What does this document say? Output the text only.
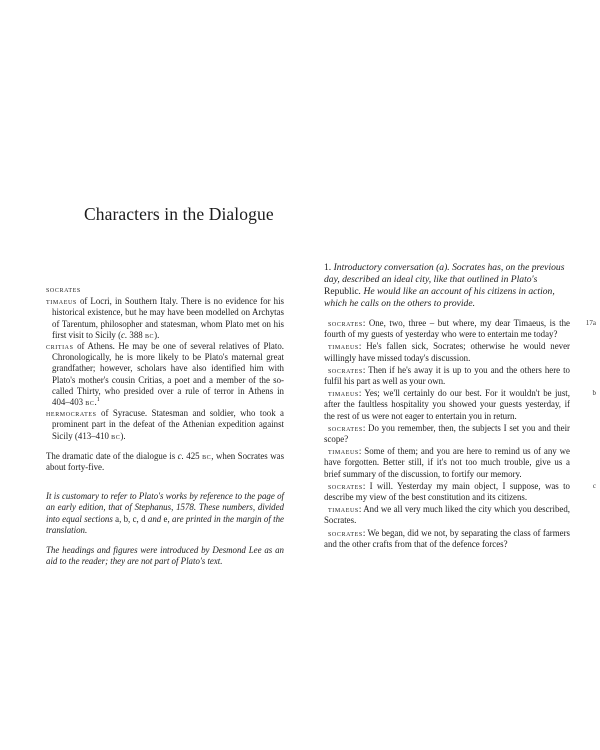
Characters in the Dialogue

socrates

timaeus of Locri, in Southern Italy. There is no evidence for his historical existence, but he may have been modelled on Archytas of Tarentum, philosopher and statesman, whom Plato met on his first visit to Sicily (c. 388 bc).

critias of Athens. He may be one of several relatives of Plato. Chronologically, he is more likely to be Plato's maternal great grandfather; however, scholars have also identified him with Plato's mother's cousin Critias, a poet and a member of the so-called Thirty, who presided over a rule of terror in Athens in 404–403 bc.$^1$

hermocrates of Syracuse. Statesman and soldier, who took a prominent part in the defeat of the Athenian expedition against Sicily (413–410 bc).

The dramatic date of the dialogue is c. 425 bc, when Socrates was about forty-five.

It is customary to refer to Plato's works by reference to the page of an early edition, that of Stephanus, 1578. These numbers, divided into equal sections a, b, c, d and e, are printed in the margin of the translation.

The headings and figures were introduced by Desmond Lee as an aid to the reader; they are not part of Plato's text.

1. Introductory conversation (a). Socrates has, on the previous day, described an ideal city, like that outlined in Plato's Republic. He would like an account of his citizens in action, which he calls on the others to provide.

socrates: One, two, three – but where, my dear Timaeus, is the fourth of my guests of yesterday who were to entertain me today?
17a

timaeus: He's fallen sick, Socrates; otherwise he would never willingly have missed today's discussion.

socrates: Then if he's away it is up to you and the others here to fulfil his part as well as your own.

timaeus: Yes; we'll certainly do our best. For it wouldn't be just, after the faultless hospitality you showed your guests yesterday, if the rest of us were not eager to entertain you in return.
b

socrates: Do you remember, then, the subjects I set you and their scope?

timaeus: Some of them; and you are here to remind us of any we have forgotten. Better still, if it's not too much trouble, give us a brief summary of the discussion, to fortify our memory.

socrates: I will. Yesterday my main object, I suppose, was to describe my view of the best constitution and its citizens.
c

timaeus: And we all very much liked the city which you described, Socrates.

socrates: We began, did we not, by separating the class of farmers and the other crafts from that of the defence forces?
